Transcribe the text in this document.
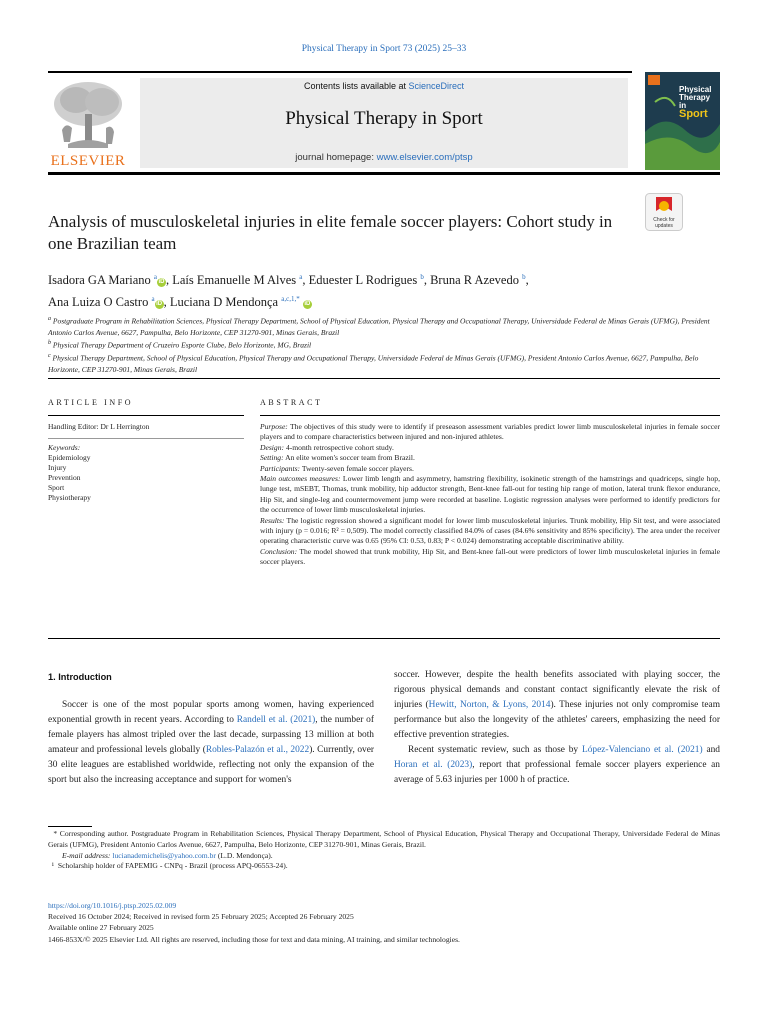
Physical Therapy in Sport 73 (2025) 25–33
ELSEVIER
Contents lists available at ScienceDirect
Physical Therapy in Sport
journal homepage: www.elsevier.com/ptsp
Physical
Therapy
in
Sport
Analysis of musculoskeletal injuries in elite female soccer players: Cohort study in one Brazilian team
Check for
updates
Isadora GA Mariano $^a$iD , Laís Emanuelle M Alves $^a$, Eduester L Rodrigues $^b$, Bruna R Azevedo $^b$,
Ana Luiza O Castro $^a$iD , Luciana D Mendonça $^{a,c,1,*}$ iD
$^a$ Postgraduate Program in Rehabilitation Sciences, Physical Therapy Department, School of Physical Education, Physical Therapy and Occupational Therapy, Universidade Federal de Minas Gerais (UFMG), President Antonio Carlos Avenue, 6627, Pampulha, Belo Horizonte, CEP 31270-901, Minas Gerais, Brazil
$^b$ Physical Therapy Department of Cruzeiro Esporte Clube, Belo Horizonte, MG, Brazil
$^c$ Physical Therapy Department, School of Physical Education, Physical Therapy and Occupational Therapy, Universidade Federal de Minas Gerais (UFMG), President Antonio Carlos Avenue, 6627, Pampulha, Belo Horizonte, CEP 31270-901, Minas Gerais, Brazil
ARTICLE INFO
Handling Editor: Dr L Herrington
Keywords:
Epidemiology
Injury
Prevention
Sport
Physiotherapy
ABSTRACT

Purpose: The objectives of this study were to identify if preseason assessment variables predict lower limb musculoskeletal injuries in female soccer players and to compare characteristics between injured and non-injured athletes.

Design: 4-month retrospective cohort study.

Setting: An elite women's soccer team from Brazil.

Participants: Twenty-seven female soccer players.

Main outcomes measures: Lower limb length and asymmetry, hamstring flexibility, isokinetic strength of the hamstrings and quadriceps, single hop, lunge test, mSEBT, Thomas, trunk mobility, hip adductor strength, Bent-knee fall-out for testing hip range of motion, lateral trunk flexor endurance, Hip Sit, and single-leg and countermovement jump were recorded at baseline. Logistic regression analyses were performed to identify predictors for the occurrence of lower limb musculoskeletal injuries.

Results: The logistic regression showed a significant model for lower limb musculoskeletal injuries. Trunk mobility, Hip Sit test, and were associated with injury (p = 0.016; R² = 0,509). The model correctly classified 84.0% of cases (84.6% sensitivity and 85% specificity). The area under the receiver operating characteristic curve was 0.65 (95% CI: 0.53, 0.83; P < 0.024) demonstrating acceptable discriminative ability.

Conclusion: The model showed that trunk mobility, Hip Sit, and Bent-knee fall-out were predictors of lower limb musculoskeletal injuries in female soccer players.

1. Introduction

Soccer is one of the most popular sports among women, having experienced exponential growth in recent years. According to Randell et al. (2021), the number of female players has almost tripled over the last decade, surpassing 13 million at both amateur and professional levels globally (Robles-Palazón et al., 2022). Currently, over 30 elite leagues are established worldwide, reflecting not only the expansion of the sport but also the increasing acceptance and support for women's

soccer. However, despite the health benefits associated with playing soccer, the rigorous physical demands and constant contact significantly elevate the risk of injuries (Hewitt, Norton, & Lyons, 2014). These injuries not only compromise team performance but also the longevity of the athletes' careers, emphasizing the need for effective prevention strategies.

Recent systematic review, such as those by López-Valenciano et al. (2021) and Horan et al. (2023), report that professional female soccer players experience an average of 5.63 injuries per 1000 h of practice.

* Corresponding author. Postgraduate Program in Rehabilitation Sciences, Physical Therapy Department, School of Physical Education, Physical Therapy and Occupational Therapy, Universidade Federal de Minas Gerais (UFMG), President Antonio Carlos Avenue, 6627, Pampulha, Belo Horizonte, CEP 31270-901, Minas Gerais, Brazil.

E-mail address: lucianademichelis@yahoo.com.br (L.D. Mendonça).

¹  Scholarship holder of FAPEMIG - CNPq - Brazil (process APQ-06553-24).

https://doi.org/10.1016/j.ptsp.2025.02.009

Received 16 October 2024; Received in revised form 25 February 2025; Accepted 26 February 2025

Available online 27 February 2025

1466-853X/© 2025 Elsevier Ltd. All rights are reserved, including those for text and data mining, AI training, and similar technologies.
